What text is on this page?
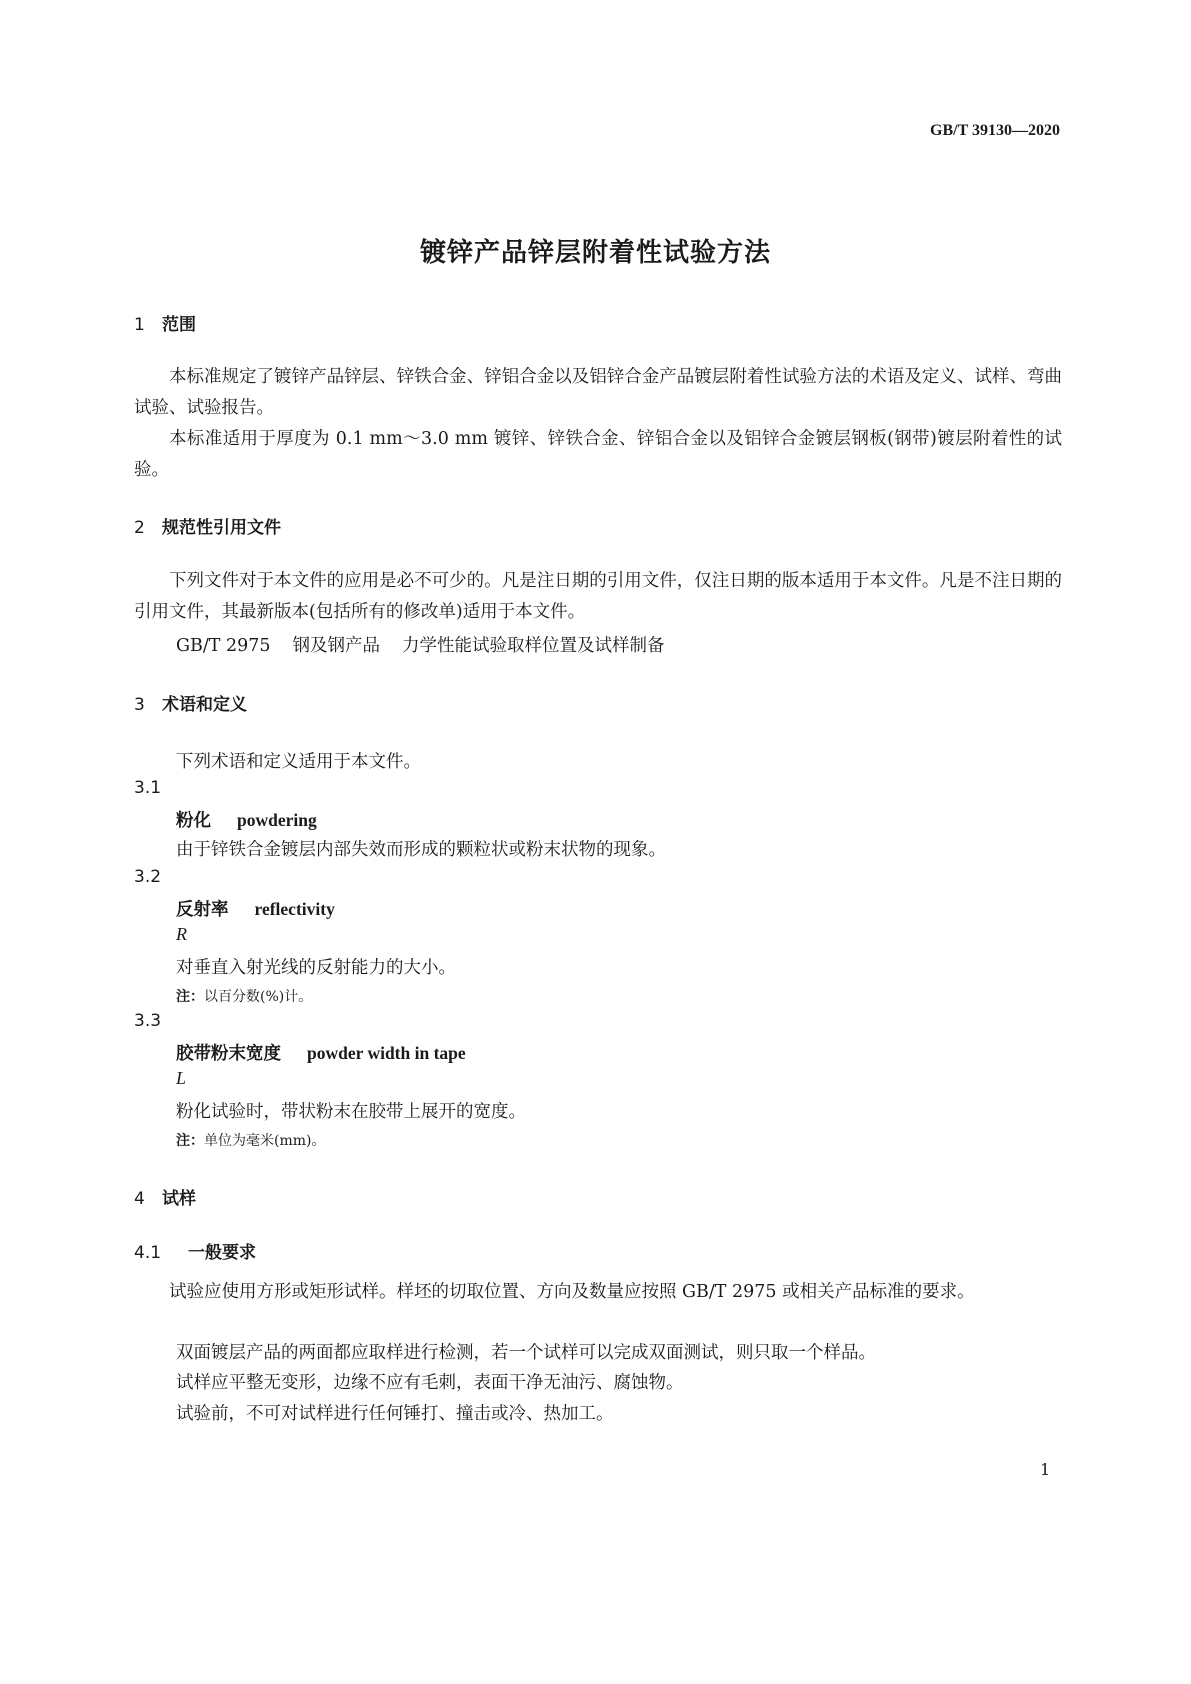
GB/T 39130—2020
镀锌产品锌层附着性试验方法
1 范围
本标准规定了镀锌产品锌层、锌铁合金、锌铝合金以及铝锌合金产品镀层附着性试验方法的术语及定义、试样、弯曲试验、试验报告。
本标准适用于厚度为 0.1 mm～3.0 mm 镀锌、锌铁合金、锌铝合金以及铝锌合金镀层钢板(钢带)镀层附着性的试验。
2 规范性引用文件
下列文件对于本文件的应用是必不可少的。凡是注日期的引用文件，仅注日期的版本适用于本文件。凡是不注日期的引用文件，其最新版本(包括所有的修改单)适用于本文件。
GB/T 2975 钢及钢产品 力学性能试验取样位置及试样制备
3 术语和定义
下列术语和定义适用于本文件。
3.1
粉化 powdering
由于锌铁合金镀层内部失效而形成的颗粒状或粉末状物的现象。
3.2
反射率 reflectivity
R
对垂直入射光线的反射能力的大小。
注：以百分数(%)计。
3.3
胶带粉末宽度 powder width in tape
L
粉化试验时，带状粉末在胶带上展开的宽度。
注：单位为毫米(mm)。
4 试样
4.1 一般要求
试验应使用方形或矩形试样。样坯的切取位置、方向及数量应按照 GB/T 2975 或相关产品标准的要求。
双面镀层产品的两面都应取样进行检测，若一个试样可以完成双面测试，则只取一个样品。
试样应平整无变形，边缘不应有毛刺，表面干净无油污、腐蚀物。
试验前，不可对试样进行任何锤打、撞击或冷、热加工。
1
